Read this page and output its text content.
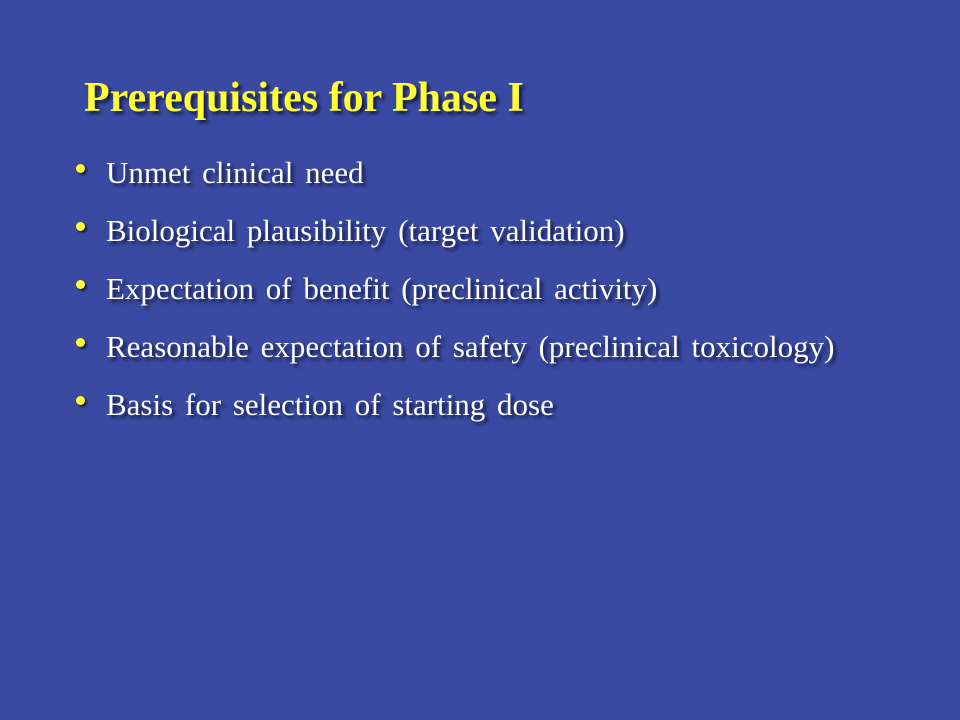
Prerequisites for Phase I
Unmet clinical need
Biological plausibility (target validation)
Expectation of benefit (preclinical activity)
Reasonable expectation of safety (preclinical toxicology)
Basis for selection of starting dose
